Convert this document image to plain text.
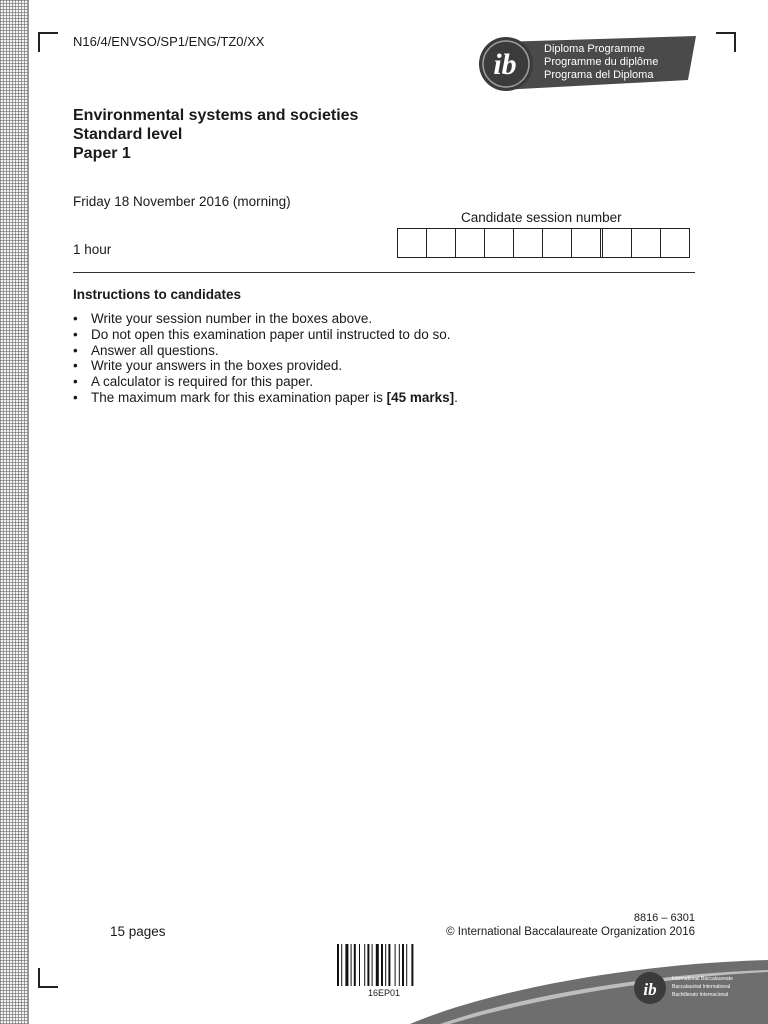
N16/4/ENVSO/SP1/ENG/TZ0/XX
ib Diploma Programme
Programme du diplôme
Programa del Diploma
Environmental systems and societies
Standard level
Paper 1
Friday 18 November 2016 (morning)
1 hour
Candidate session number
Instructions to candidates
• Write your session number in the boxes above.
• Do not open this examination paper until instructed to do so.
• Answer all questions.
• Write your answers in the boxes provided.
• A calculator is required for this paper.
• The maximum mark for this examination paper is [45 marks].
15 pages
8816 – 6301
© International Baccalaureate Organization 2016
16EP01	ib
International Baccalaureate
Baccalauréat International
Bachillerato Internacional
